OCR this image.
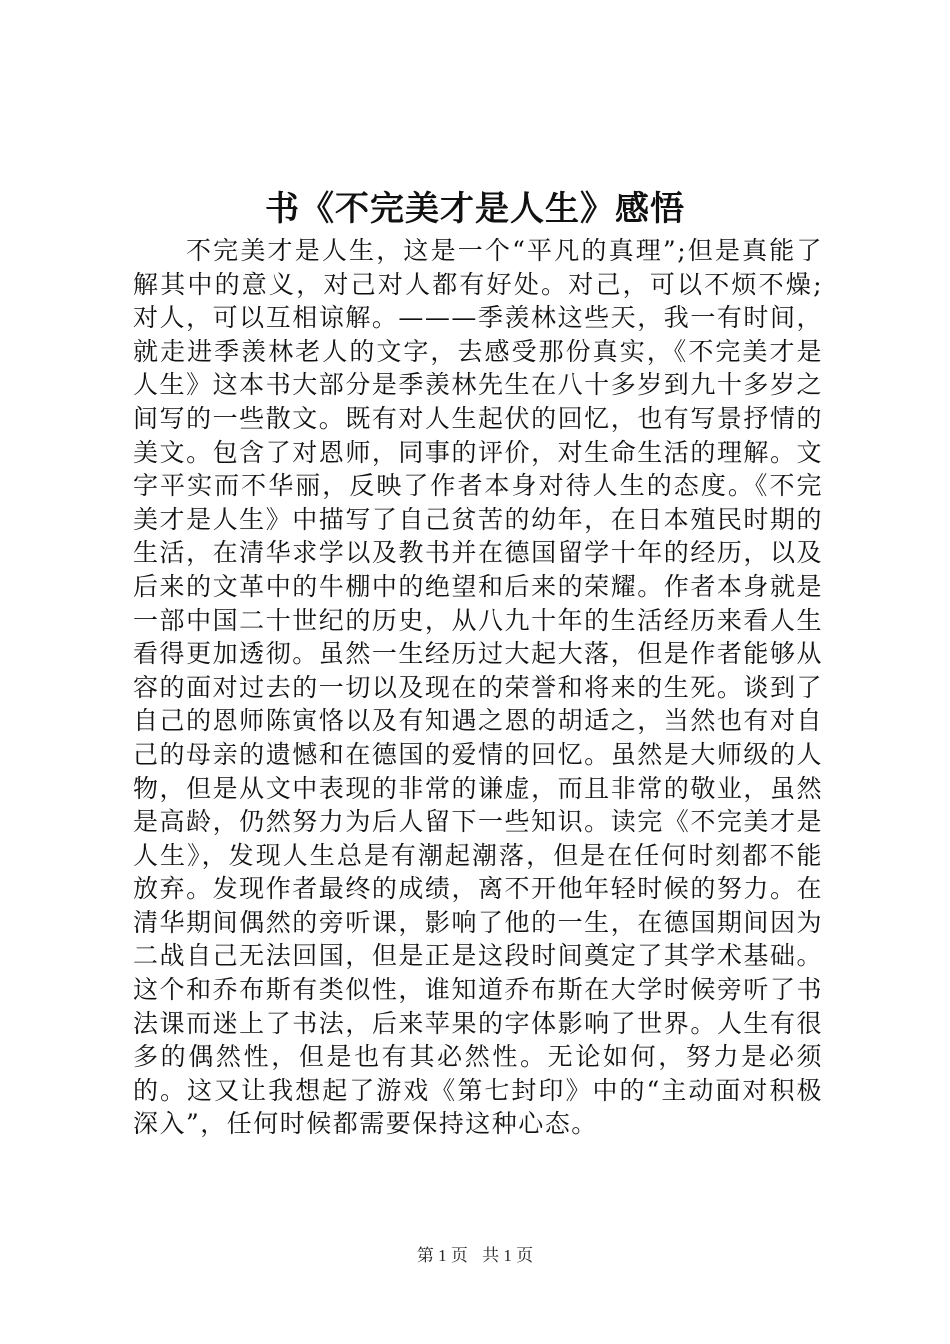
书《不完美才是人生》感悟

不完美才是人生，这是一个“平凡的真理”;但是真能了解其中的意义，对己对人都有好处。对己，可以不烦不燥;对人，可以互相谅解。———季羡林这些天，我一有时间，就走进季羡林老人的文字，去感受那份真实，《不完美才是人生》这本书大部分是季羡林先生在八十多岁到九十多岁之间写的一些散文。既有对人生起伏的回忆，也有写景抒情的美文。包含了对恩师，同事的评价，对生命生活的理解。文字平实而不华丽，反映了作者本身对待人生的态度。《不完美才是人生》中描写了自己贫苦的幼年，在日本殖民时期的生活，在清华求学以及教书并在德国留学十年的经历，以及后来的文革中的牛棚中的绝望和后来的荣耀。作者本身就是一部中国二十世纪的历史，从八九十年的生活经历来看人生看得更加透彻。虽然一生经历过大起大落，但是作者能够从容的面对过去的一切以及现在的荣誉和将来的生死。谈到了自己的恩师陈寅恪以及有知遇之恩的胡适之，当然也有对自己的母亲的遗憾和在德国的爱情的回忆。虽然是大师级的人物，但是从文中表现的非常的谦虚，而且非常的敬业，虽然是高龄，仍然努力为后人留下一些知识。读完《不完美才是人生》，发现人生总是有潮起潮落，但是在任何时刻都不能放弃。发现作者最终的成绩，离不开他年轻时候的努力。在清华期间偶然的旁听课，影响了他的一生，在德国期间因为二战自己无法回国，但是正是这段时间奠定了其学术基础。这个和乔布斯有类似性，谁知道乔布斯在大学时候旁听了书法课而迷上了书法，后来苹果的字体影响了世界。人生有很多的偶然性，但是也有其必然性。无论如何，努力是必须的。这又让我想起了游戏《第七封印》中的“主动面对积极深入”，任何时候都需要保持这种心态。

第 1 页 共 1 页
